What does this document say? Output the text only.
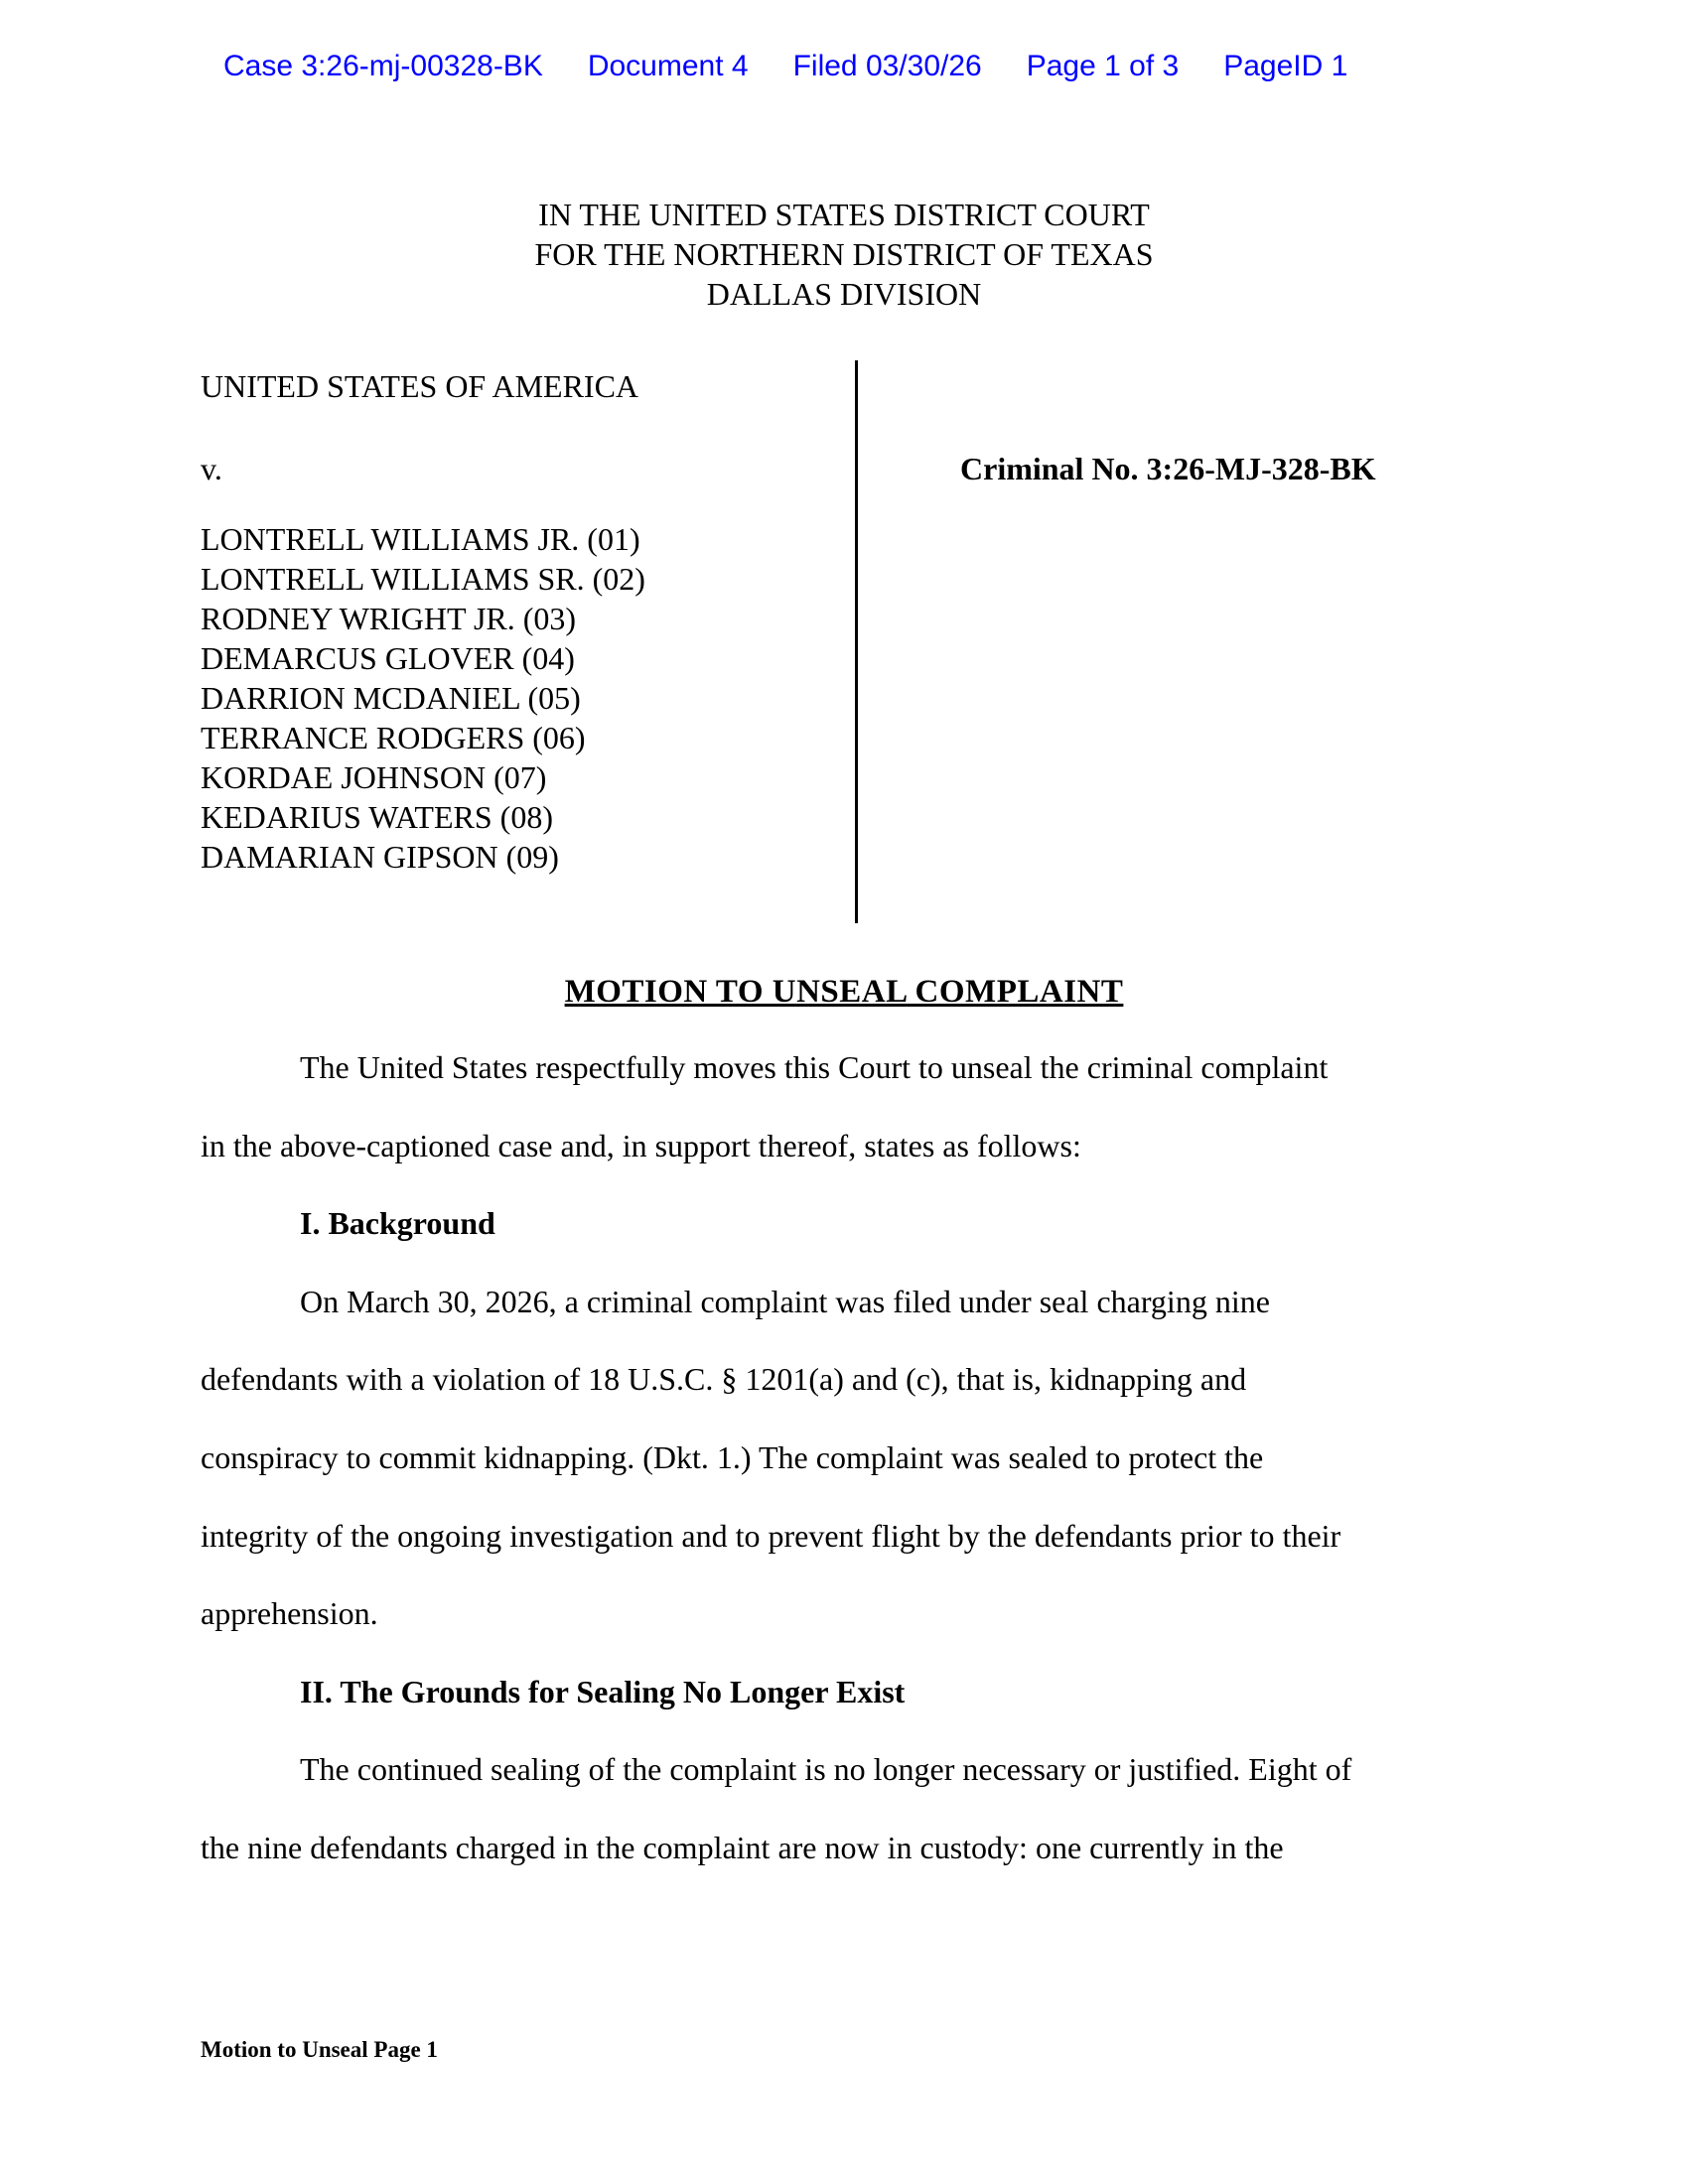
Case 3:26-mj-00328-BK Document 4 Filed 03/30/26 Page 1 of 3 PageID 1
IN THE UNITED STATES DISTRICT COURT
FOR THE NORTHERN DISTRICT OF TEXAS
DALLAS DIVISION
UNITED STATES OF AMERICA
v.
LONTRELL WILLIAMS JR. (01)
LONTRELL WILLIAMS SR. (02)
RODNEY WRIGHT JR. (03)
DEMARCUS GLOVER (04)
DARRION MCDANIEL (05)
TERRANCE RODGERS (06)
KORDAE JOHNSON (07)
KEDARIUS WATERS (08)
DAMARIAN GIPSON (09)
Criminal No. 3:26-MJ-328-BK
MOTION TO UNSEAL COMPLAINT
The United States respectfully moves this Court to unseal the criminal complaint
in the above-captioned case and, in support thereof, states as follows:
I. Background
On March 30, 2026, a criminal complaint was filed under seal charging nine
defendants with a violation of 18 U.S.C. § 1201(a) and (c), that is, kidnapping and
conspiracy to commit kidnapping. (Dkt. 1.) The complaint was sealed to protect the
integrity of the ongoing investigation and to prevent flight by the defendants prior to their
apprehension.
II. The Grounds for Sealing No Longer Exist
The continued sealing of the complaint is no longer necessary or justified. Eight of
the nine defendants charged in the complaint are now in custody: one currently in the
Motion to Unseal Page 1
